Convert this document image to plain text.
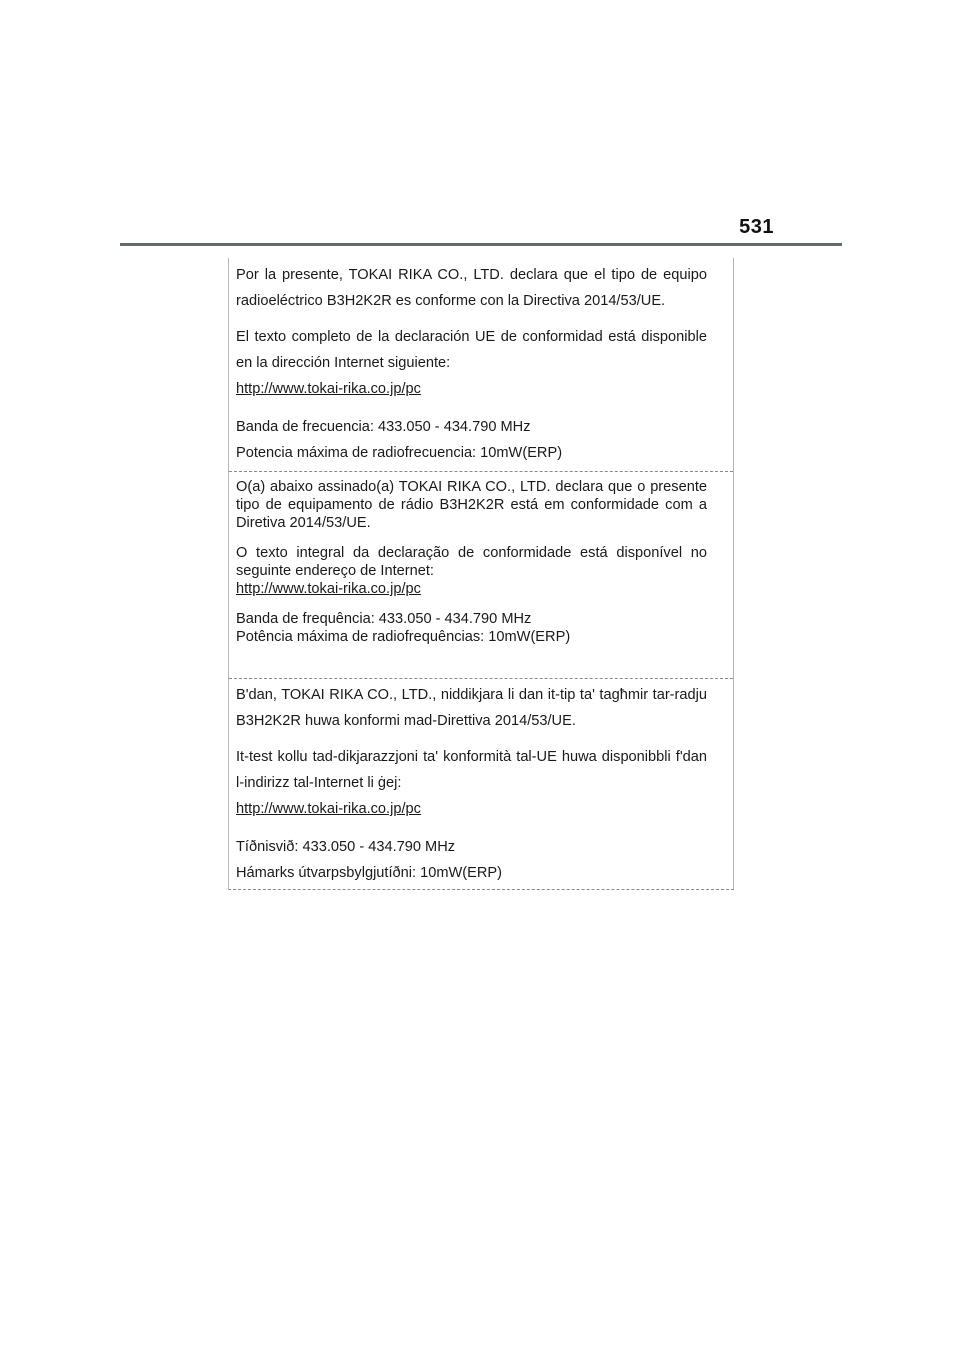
531

Por la presente, TOKAI RIKA CO., LTD. declara que el tipo de equipo radioeléctrico B3H2K2R es conforme con la Directiva 2014/53/UE.

El texto completo de la declaración UE de conformidad está disponible en la dirección Internet siguiente:

http://www.tokai-rika.co.jp/pc

Banda de frecuencia: 433.050 - 434.790 MHz

Potencia máxima de radiofrecuencia: 10mW(ERP)

O(a) abaixo assinado(a) TOKAI RIKA CO., LTD. declara que o presente tipo de equipamento de rádio B3H2K2R está em conformidade com a Diretiva 2014/53/UE.

O texto integral da declaração de conformidade está disponível no seguinte endereço de Internet:

http://www.tokai-rika.co.jp/pc

Banda de frequência: 433.050 - 434.790 MHz

Potência máxima de radiofrequências: 10mW(ERP)

B'dan, TOKAI RIKA CO., LTD., niddikjara li dan it-tip ta' tagħmir tar-radju B3H2K2R huwa konformi mad-Direttiva 2014/53/UE.

It-test kollu tad-dikjarazzjoni ta' konformità tal-UE huwa disponibbli f'dan l-indirizz tal-Internet li ġej:

http://www.tokai-rika.co.jp/pc

Tíðnisvið: 433.050 - 434.790 MHz

Hámarks útvarpsbylgjutíðni: 10mW(ERP)
